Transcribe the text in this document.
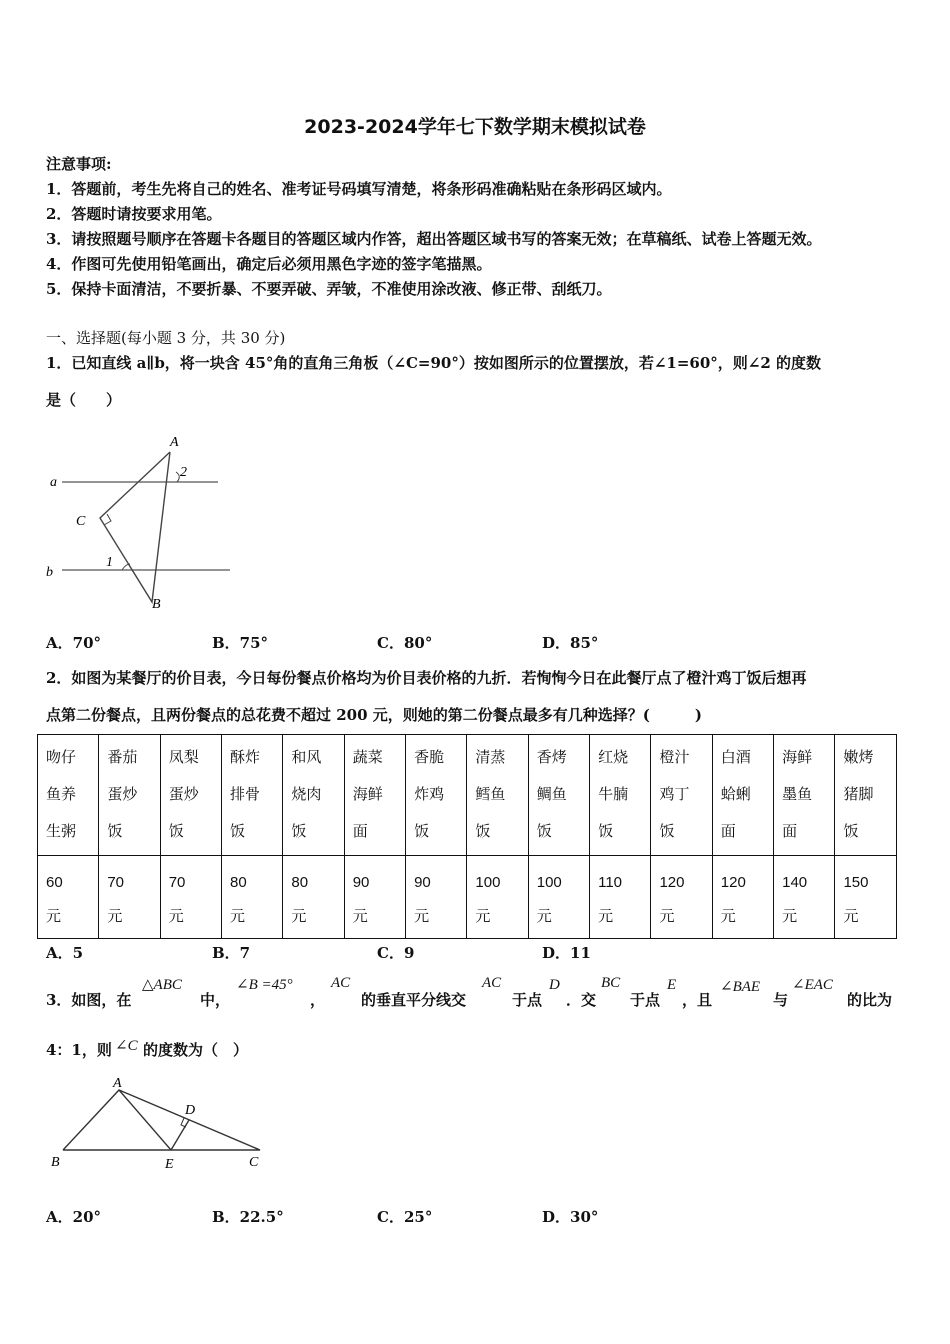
2023-2024学年七下数学期末模拟试卷
注意事项:
1．答题前，考生先将自己的姓名、准考证号码填写清楚，将条形码准确粘贴在条形码区域内。
2．答题时请按要求用笔。
3．请按照题号顺序在答题卡各题目的答题区域内作答，超出答题区域书写的答案无效；在草稿纸、试卷上答题无效。
4．作图可先使用铅笔画出，确定后必须用黑色字迹的签字笔描黑。
5．保持卡面清洁，不要折暴、不要弄破、弄皱，不准使用涂改液、修正带、刮纸刀。
一、选择题(每小题 3 分，共 30 分)
1．已知直线 a∥b，将一块含 45°角的直角三角板（∠C=90°）按如图所示的位置摆放，若∠1=60°，则∠2 的度数
是（　　）
A
2
a
C
1
b
B
A．70°	B．75°	C．80°	D．85°
2．如图为某餐厅的价目表，今日每份餐点价格均为价目表价格的九折．若恂恂今日在此餐厅点了橙汁鸡丁饭后想再
点第二份餐点，且两份餐点的总花费不超过 200 元，则她的第二份餐点最多有几种选择？(　　　)
吻仔
鱼养
生粥	番茄
蛋炒
饭	凤梨
蛋炒
饭	酥炸
排骨
饭	和风
烧肉
饭	蔬菜
海鲜
面	香脆
炸鸡
饭	清蒸
鳕鱼
饭	香烤
鲷鱼
饭	红烧
牛腩
饭	橙汁
鸡丁
饭	白酒
蛤蜊
面	海鲜
墨鱼
面	嫩烤
猪脚
饭
60
元	70
元	70
元	80
元	80
元	90
元	90
元	100
元	100
元	110
元	120
元	120
元	140
元	150
元
A．5	B．7	C．9	D．11
3．如图，在
△ABC
中，
∠B =45°
，
AC
的垂直平分线交
AC
于点
D
．交
BC
于点
E
，且
∠BAE
与
∠EAC
的比为
4：1，则 ∠C 的度数为（　）
A
D
B	E	C
A．20°	B．22.5°	C．25°	D．30°
